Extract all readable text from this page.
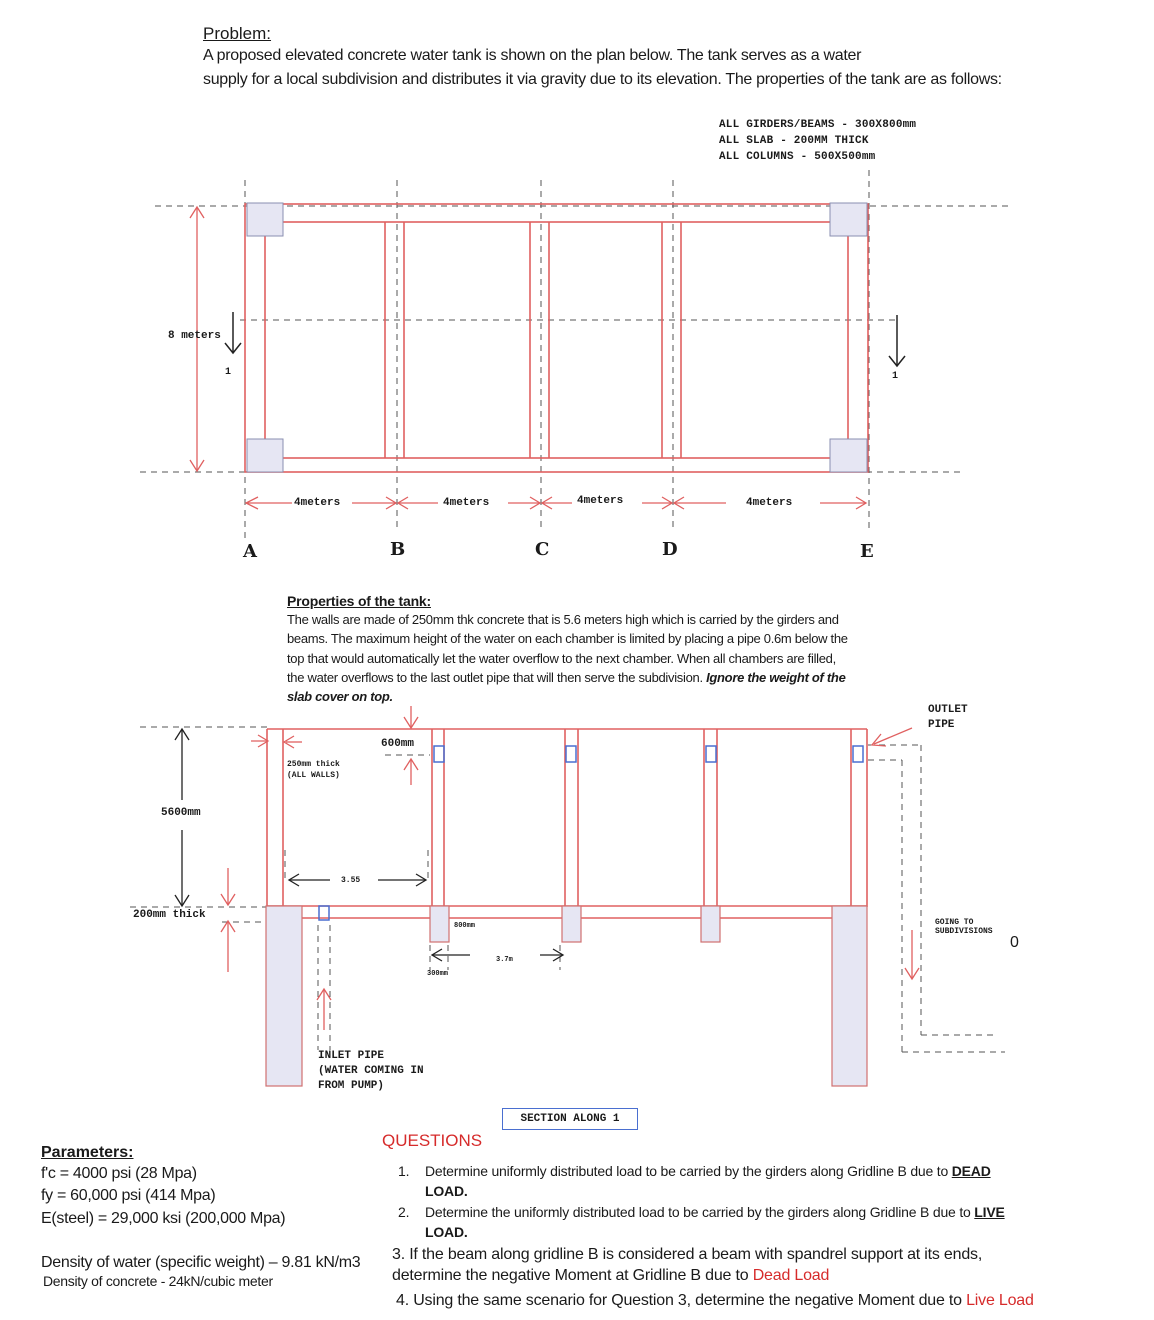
Problem:
A proposed elevated concrete water tank is shown on the plan below. The tank serves as a water
supply for a local subdivision and distributes it via gravity due to its elevation. The properties of the tank are as follows:
ALL GIRDERS/BEAMS - 300X800mm
ALL SLAB - 200MM THICK
ALL COLUMNS - 500X500mm
8 meters
1	1
4meters	4meters	4meters	4meters
A	B	C	D	E
Properties of the tank:
The walls are made of 250mm thk concrete that is 5.6 meters high which is carried by the girders and
beams. The maximum height of the water on each chamber is limited by placing a pipe 0.6m below the
top that would automatically let the water overflow to the next chamber. When all chambers are filled,
the water overflows to the last outlet pipe that will then serve the subdivision. Ignore the weight of the
slab cover on top.
OUTLET
PIPE
600mm
250mm thick
(ALL WALLS)
5600mm
3.55
200mm thick
800mm
300mm
3.7m
GOING TO
SUBDIVISIONS
0
INLET PIPE
(WATER COMING IN
FROM PUMP)
SECTION ALONG 1
Parameters:
f'c = 4000 psi (28 Mpa)
fy = 60,000 psi (414 Mpa)
E(steel) = 29,000 ksi (200,000 Mpa)
Density of water (specific weight) – 9.81 kN/m3
Density of concrete - 24kN/cubic meter
QUESTIONS
1. Determine uniformly distributed load to be carried by the girders along Gridline B due to DEAD
LOAD.
2. Determine the uniformly distributed load to be carried by the girders along Gridline B due to LIVE
LOAD.
3. If the beam along gridline B is considered a beam with spandrel support at its ends,
determine the negative Moment at Gridline B due to Dead Load
4. Using the same scenario for Question 3, determine the negative Moment due to Live Load
